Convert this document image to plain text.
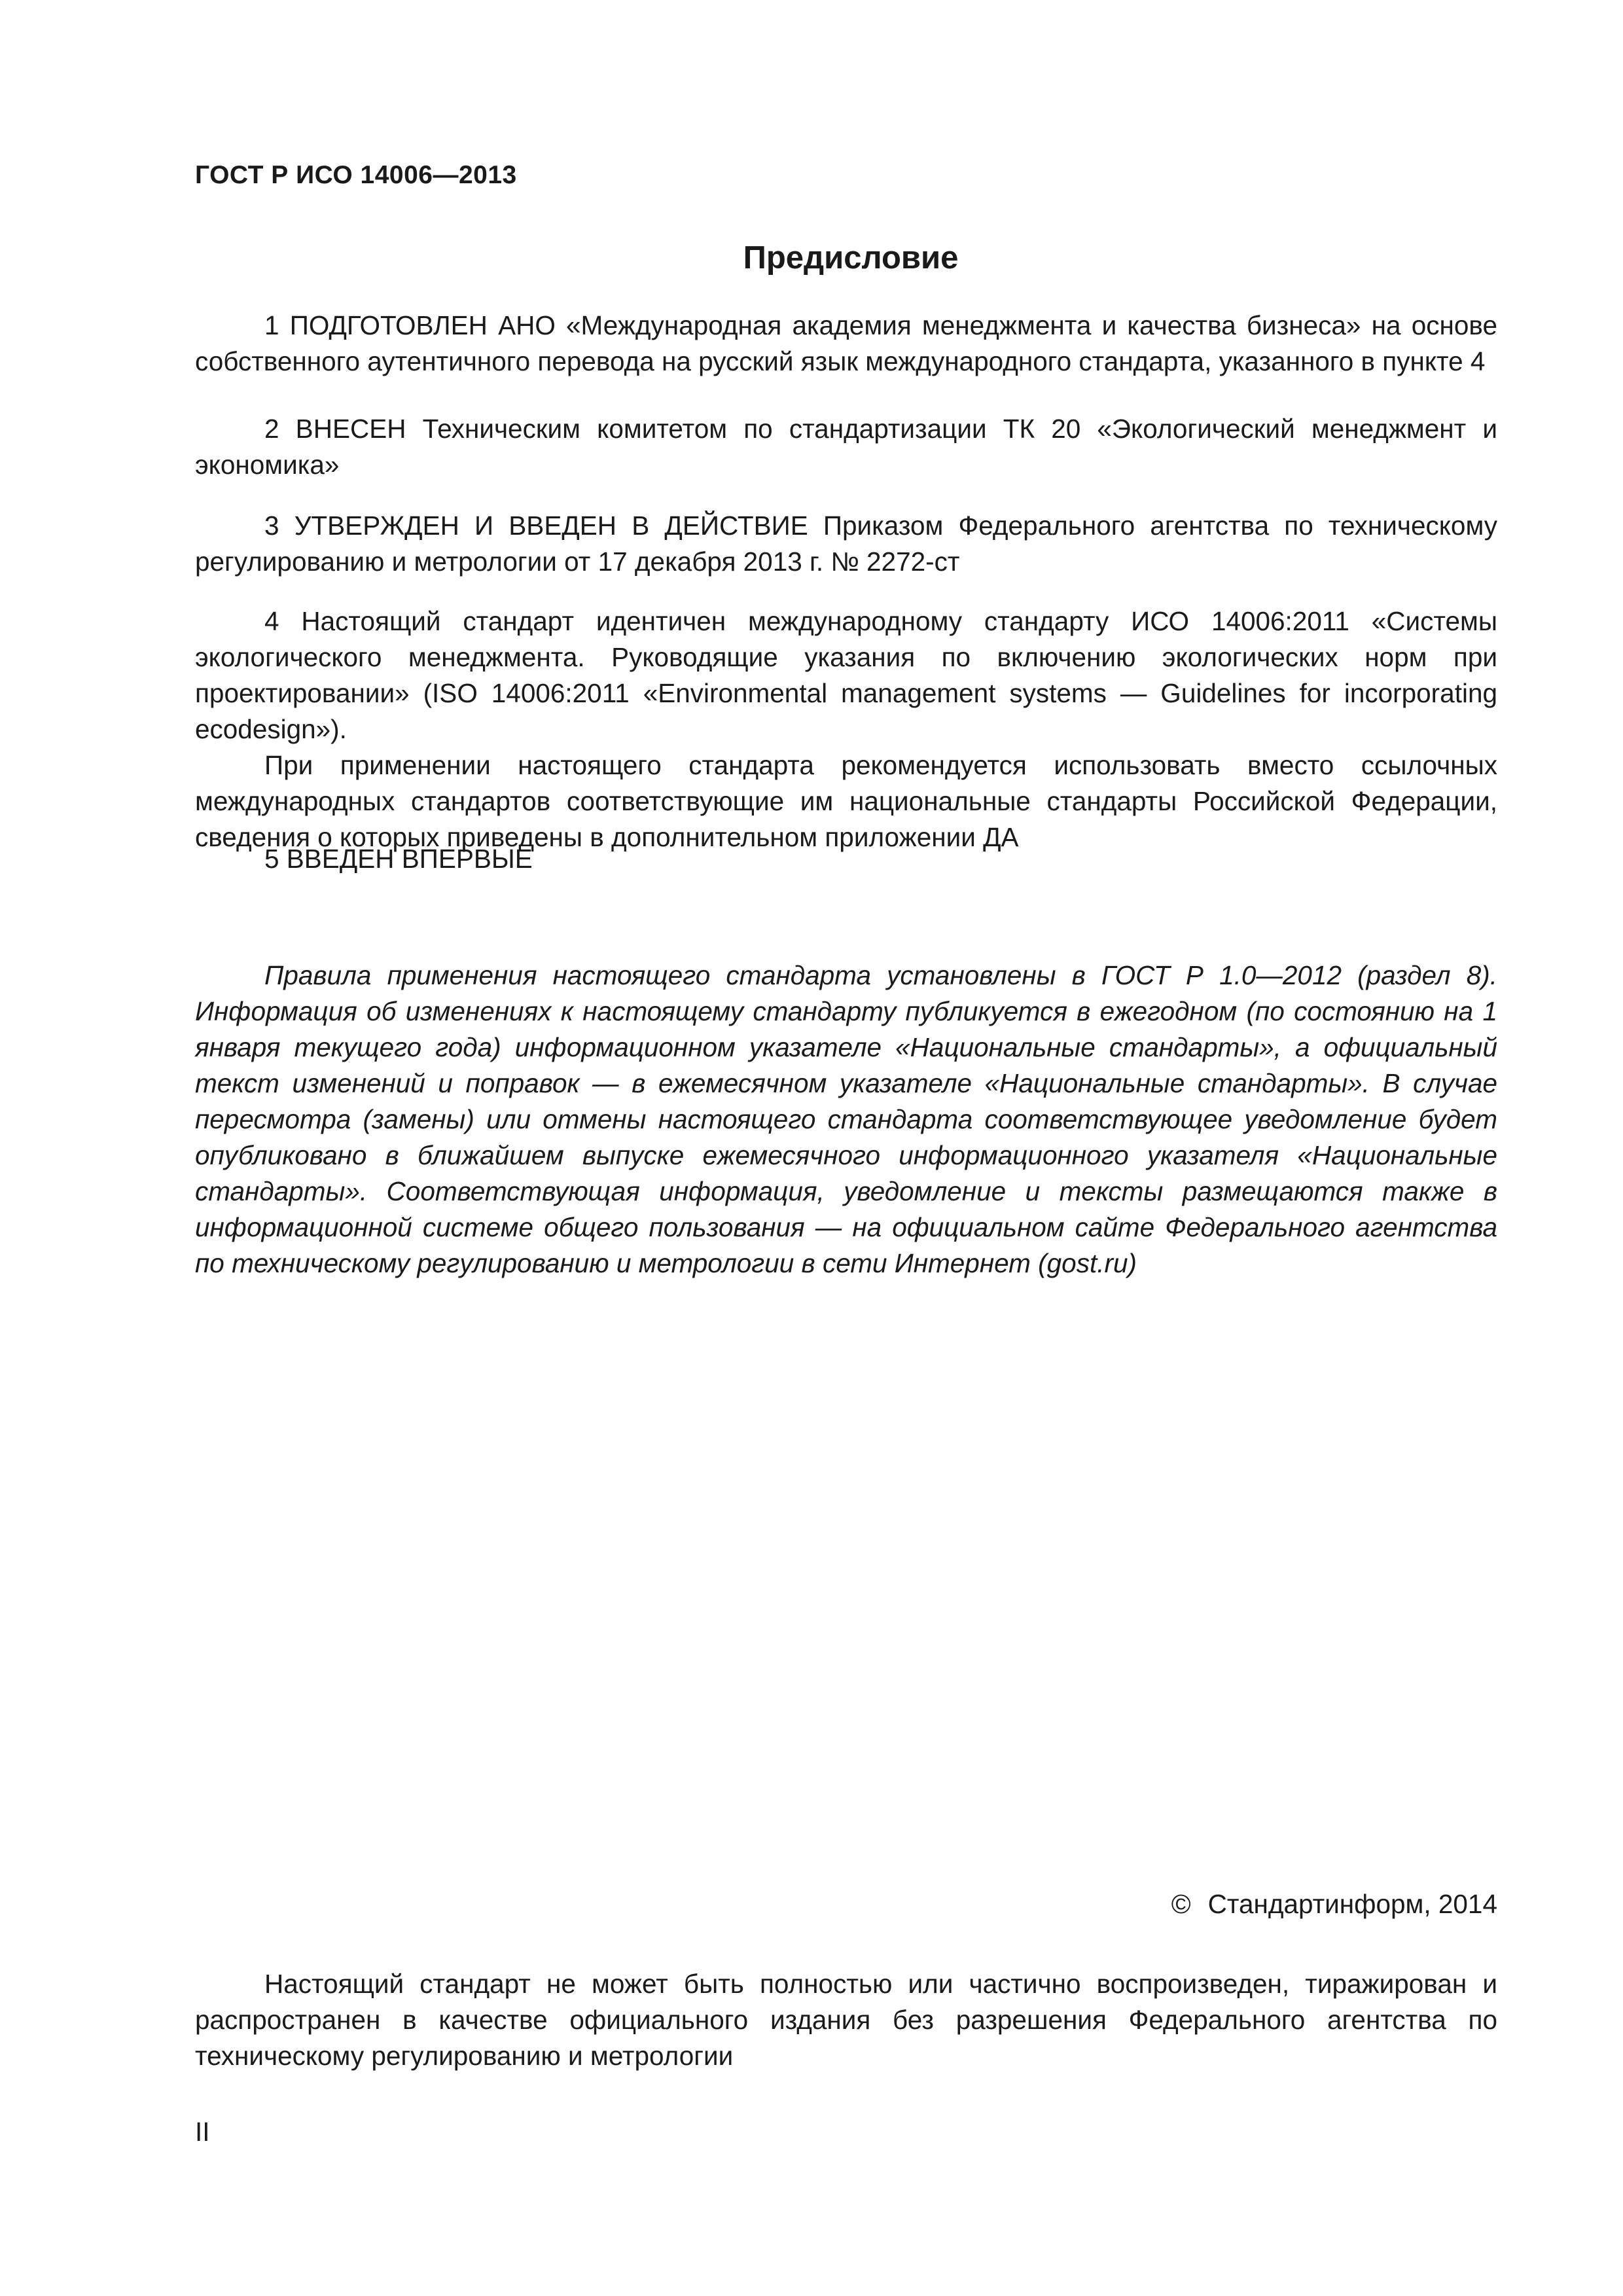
ГОСТ Р ИСО 14006—2013
Предисловие

1 ПОДГОТОВЛЕН АНО «Международная академия менеджмента и качества бизнеса» на основе собственного аутентичного перевода на русский язык международного стандарта, указанного в пункте 4

2 ВНЕСЕН Техническим комитетом по стандартизации ТК 20 «Экологический менеджмент и экономика»

3 УТВЕРЖДЕН И ВВЕДЕН В ДЕЙСТВИЕ Приказом Федерального агентства по техническому регулированию и метрологии от 17 декабря 2013 г. № 2272-ст

4 Настоящий стандарт идентичен международному стандарту ИСО 14006:2011 «Системы экологического менеджмента. Руководящие указания по включению экологических норм при проектировании» (ISO 14006:2011 «Environmental management systems — Guidelines for incorporating ecodesign»).

При применении настоящего стандарта рекомендуется использовать вместо ссылочных международных стандартов соответствующие им национальные стандарты Российской Федерации, сведения о которых приведены в дополнительном приложении ДА

5 ВВЕДЕН ВПЕРВЫЕ

Правила применения настоящего стандарта установлены в ГОСТ Р 1.0—2012 (раздел 8). Информация об изменениях к настоящему стандарту публикуется в ежегодном (по состоянию на 1 января текущего года) информационном указателе «Национальные стандарты», а официальный текст изменений и поправок — в ежемесячном указателе «Национальные стандарты». В случае пересмотра (замены) или отмены настоящего стандарта соответствующее уведомление будет опубликовано в ближайшем выпуске ежемесячного информационного указателя «Национальные стандарты». Соответствующая информация, уведомление и тексты размещаются также в информационной системе общего пользования — на официальном сайте Федерального агентства по техническому регулированию и метрологии в сети Интернет (gost.ru)

© Стандартинформ, 2014

Настоящий стандарт не может быть полностью или частично воспроизведен, тиражирован и распространен в качестве официального издания без разрешения Федерального агентства по техническому регулированию и метрологии

II
